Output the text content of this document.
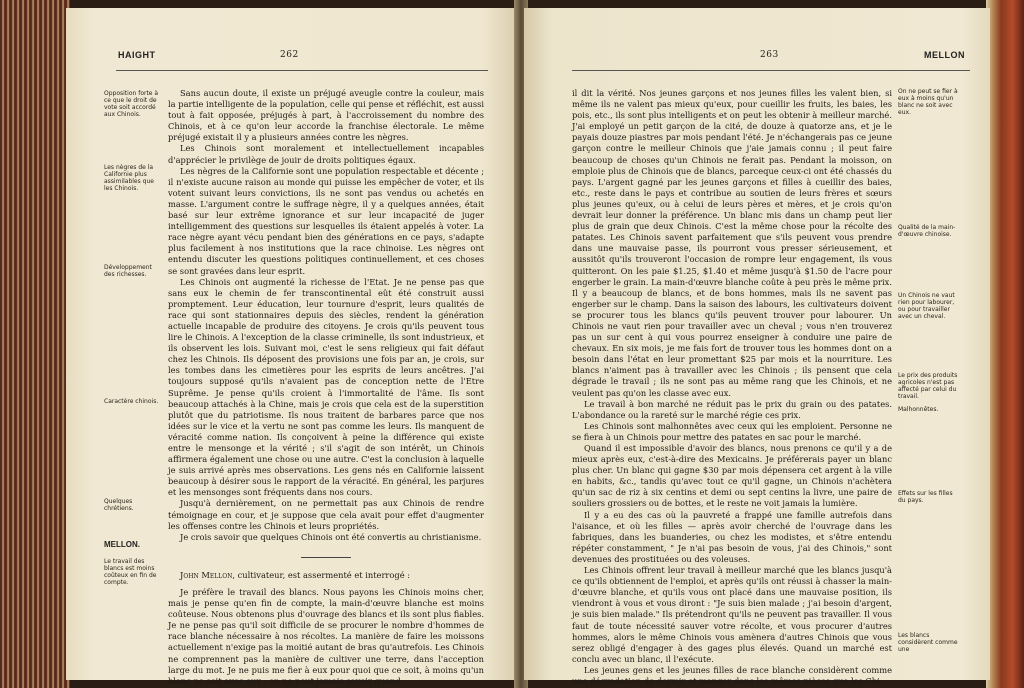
HAIGHT	262
Opposition forte à ce que le droit de vote soit accordé aux Chinois.
Les nègres de la Californie plus assimilables que les Chinois.
Développement des richesses.
Caractère chinois.
Quelques chrétiens.
MELLON.
Le travail des blancs est moins coûteux en fin de compte.

Sans aucun doute, il existe un préjugé aveugle contre la couleur, mais la partie intelligente de la population, celle qui pense et réfléchit, est aussi tout à fait opposée, préjugés à part, à l'accroissement du nombre des Chinois, et à ce qu'on leur accorde la franchise électorale. Le même préjugé existait il y a plusieurs années contre les nègres.

Les Chinois sont moralement et intellectuellement incapables d'apprécier le privilège de jouir de droits politiques égaux.

Les nègres de la Californie sont une population respectable et décente ; il n'existe aucune raison au monde qui puisse les empêcher de voter, et ils votent suivant leurs convictions, ils ne sont pas vendus ou achetés en masse. L'argument contre le suffrage nègre, il y a quelques années, était basé sur leur extrême ignorance et sur leur incapacité de juger intelligemment des questions sur lesquelles ils étaient appelés à voter. La race nègre ayant vécu pendant bien des générations en ce pays, s'adapte plus facilement à nos institutions que la race chinoise. Les nègres ont entendu discuter les questions politiques continuellement, et ces choses se sont gravées dans leur esprit.

Les Chinois ont augmenté la richesse de l'Etat. Je ne pense pas que sans eux le chemin de fer transcontinental eût été construit aussi promptement. Leur éducation, leur tournure d'esprit, leurs qualités de race qui sont stationnaires depuis des siècles, rendent la génération actuelle incapable de produire des citoyens. Je crois qu'ils peuvent tous lire le Chinois. A l'exception de la classe criminelle, ils sont industrieux, et ils observent les lois. Suivant moi, c'est le sens religieux qui fait défaut chez les Chinois. Ils déposent des provisions une fois par an, je crois, sur les tombes dans les cimetières pour les esprits de leurs ancêtres. J'ai toujours supposé qu'ils n'avaient pas de conception nette de l'Etre Suprême. Je pense qu'ils croient à l'immortalité de l'âme. Ils sont beaucoup attachés à la Chine, mais je crois que cela est de la superstition plutôt que du patriotisme. Ils nous traitent de barbares parce que nos idées sur le vice et la vertu ne sont pas comme les leurs. Ils manquent de véracité comme nation. Ils conçoivent à peine la différence qui existe entre le mensonge et la vérité ; s'il s'agit de son intérêt, un Chinois affirmera également une chose ou une autre. C'est la conclusion à laquelle je suis arrivé après mes observations. Les gens nés en Californie laissent beaucoup à désirer sous le rapport de la véracité. En général, les parjures et les mensonges sont fréquents dans nos cours.

Jusqu'à dernièrement, on ne permettait pas aux Chinois de rendre témoignage en cour, et je suppose que cela avait pour effet d'augmenter les offenses contre les Chinois et leurs propriétés.

Je crois savoir que quelques Chinois ont été convertis au christianisme.

John Mellon, cultivateur, est assermenté et interrogé :

Je préfère le travail des blancs. Nous payons les Chinois moins cher, mais je pense qu'en fin de compte, la main-d'œuvre blanche est moins coûteuse. Nous obtenons plus d'ouvrage des blancs et ils sont plus fiables. Je ne pense pas qu'il soit difficile de se procurer le nombre d'hommes de race blanche nécessaire à nos récoltes. La manière de faire les moissons actuellement n'exige pas la moitié autant de bras qu'autrefois. Les Chinois ne comprennent pas la manière de cultiver une terre, dans l'acception large du mot. Je ne puis me fier à eux pour quoi que ce soit, à moins qu'un blanc ne soit avec eux ; on ne peut jamais savoir quand

263	MELLON

il dit la vérité. Nos jeunes garçons et nos jeunes filles les valent bien, si même ils ne valent pas mieux qu'eux, pour cueillir les fruits, les baies, les pois, etc., ils sont plus intelligents et on peut les obtenir à meilleur marché. J'ai employé un petit garçon de la cité, de douze à quatorze ans, et je le payais douze piastres par mois pendant l'été. Je n'échangerais pas ce jeune garçon contre le meilleur Chinois que j'aie jamais connu ; il peut faire beaucoup de choses qu'un Chinois ne ferait pas. Pendant la moisson, on emploie plus de Chinois que de blancs, parceque ceux-ci ont été chassés du pays. L'argent gagné par les jeunes garçons et filles à cueillir des baies, etc., reste dans le pays et contribue au soutien de leurs frères et sœurs plus jeunes qu'eux, ou à celui de leurs pères et mères, et je crois qu'on devrait leur donner la préférence. Un blanc mis dans un champ peut lier plus de grain que deux Chinois. C'est la même chose pour la récolte des patates. Les Chinois savent parfaitement que s'ils peuvent vous prendre dans une mauvaise passe, ils pourront vous presser sérieusement, et aussitôt qu'ils trouveront l'occasion de rompre leur engagement, ils vous quitteront. On les paie $1.25, $1.40 et même jusqu'à $1.50 de l'acre pour engerber le grain. La main-d'œuvre blanche coûte à peu près le même prix. Il y a beaucoup de blancs, et de bons hommes, mais ils ne savent pas engerber sur le champ. Dans la saison des labours, les cultivateurs doivent se procurer tous les blancs qu'ils peuvent trouver pour labourer. Un Chinois ne vaut rien pour travailler avec un cheval ; vous n'en trouverez pas un sur cent à qui vous pourrez enseigner à conduire une paire de chevaux. En six mois, je me fais fort de trouver tous les hommes dont on a besoin dans l'état en leur promettant $25 par mois et la nourriture. Les blancs n'aiment pas à travailler avec les Chinois ; ils pensent que cela dégrade le travail ; ils ne sont pas au même rang que les Chinois, et ne veulent pas qu'on les classe avec eux.

Le travail à bon marché ne réduit pas le prix du grain ou des patates. L'abondance ou la rareté sur le marché régie ces prix.

Les Chinois sont malhonnêtes avec ceux qui les emploient. Personne ne se fiera à un Chinois pour mettre des patates en sac pour le marché.

Quand il est impossible d'avoir des blancs, nous prenons ce qu'il y a de mieux après eux, c'est-à-dire des Mexicains. Je préférerais payer un blanc plus cher. Un blanc qui gagne $30 par mois dépensera cet argent à la ville en habits, &c., tandis qu'avec tout ce qu'il gagne, un Chinois n'achètera qu'un sac de riz à six centins et demi ou sept centins la livre, une paire de souliers grossiers ou de bottes, et le reste ne voit jamais la lumière.

Il y a eu des cas où la pauvreté a frappé une famille autrefois dans l'aisance, et où les filles — après avoir cherché de l'ouvrage dans les fabriques, dans les buanderies, ou chez les modistes, et s'être entendu répéter constamment, " Je n'ai pas besoin de vous, j'ai des Chinois," sont devenues des prostituées ou des voleuses.

Les Chinois offrent leur travail à meilleur marché que les blancs jusqu'à ce qu'ils obtiennent de l'emploi, et après qu'ils ont réussi à chasser la main-d'œuvre blanche, et qu'ils vous ont placé dans une mauvaise position, ils viendront à vous et vous diront : "Je suis bien malade ; j'ai besoin d'argent, je suis bien malade." Ils prétendront qu'ils ne peuvent pas travailler. Il vous faut de toute nécessité sauver votre récolte, et vous procurer d'autres hommes, alors le même Chinois vous amènera d'autres Chinois que vous serez obligé d'engager à des gages plus élevés. Quand un marché est conclu avec un blanc, il l'exécute.

Les jeunes gens et les jeunes filles de race blanche considèrent comme une dégradation de dormir et manger dans les mêmes pièces que les Chi-

On ne peut se fier à eux à moins qu'un blanc ne soit avec eux.
Qualité de la main-d'œuvre chinoise.
Un Chinois ne vaut rien pour labourer, ou pour travailler avec un cheval.
Le prix des produits agricoles n'est pas affecté par celui du travail.
Malhonnêtes.
Effets sur les filles du pays.
Les blancs considèrent comme une
